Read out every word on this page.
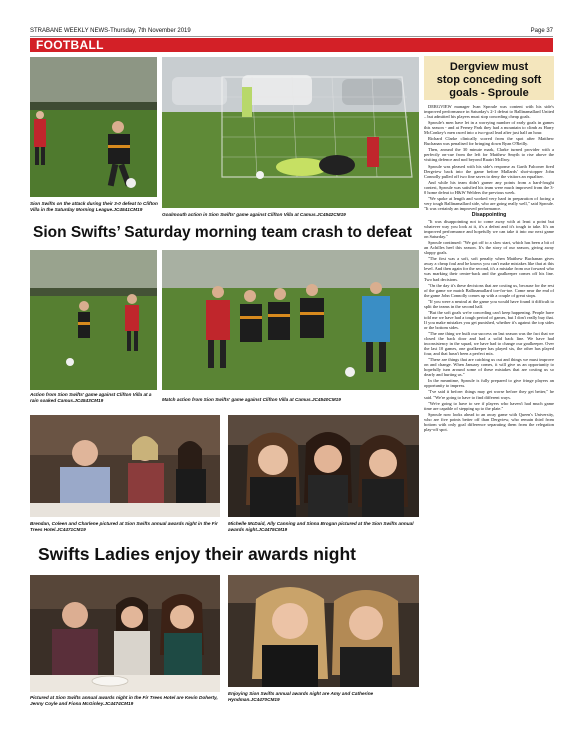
STRABANE WEEKLY NEWS-Thursday, 7th November 2019	Page 37
FOOTBALL
Sion Swifts on the attack during their 3-0 defeat to Clifton Villa in the Saturday Morning League.JC4541CM19
Goalmouth action in Sion Swifts' game against Clifton Villa at Camus.JC4542CM19
Sion Swifts’ Saturday morning team crash to defeat
Action from Sion Swifts' game against Clifton Villa at a rain soaked Camus.JC4543CM19	Match action from Sion Swifts' game against Clifton Villa at Camus.JC4540CM19
Brendan, Coleen and Charlene pictured at Sion Swifts annual awards night in the Fir Trees Hotel.JC4471CM19
Michelle McDaid, Ally Canning and Sinna Brogan pictured at the Sion Swifts annual awards night.JC4475CM19
Swifts Ladies enjoy their awards night
Pictured at Sion Swifts annual awards night in the Fir Trees Hotel are Kevin Doherty, Jenny Coyle and Fiona McGinley.JC4474CM19
Enjoying Sion Swifts annual awards night are Amy and Catherine Hyndman.JC4470CM19
Dergview must
stop conceding soft
goals - Sproule

DERGVIEW manager Ivan Sproule was content with his side's improved performance in Saturday's 2-1 defeat to Ballinamallard United – but admitted his players must stop conceding cheap goals.

Sproule's men have let in a worrying number of early goals in games this season - and at Ferney Park they had a mountain to climb as Harry McConkey's men raced into a two-goal lead after just half an hour.

Richard Clarke clinically scored from the spot after Matthew Buchanan was penalised for bringing down Ryan O'Reilly.

Then, around the 30 minute mark, Clarke turned provider with a perfectly on-cue from the left for Matthew Smyth to rise above the visiting defence and nod beyond Ruairi McIlroy.

Sproule was pleased with his side's response as Garth Falconer fired Dergview back into the game before Mallards' shot-stopper John Connolly pulled off two fine saves to deny the visitors an equaliser.

And while his team didn't garner any points from a hard-fought contest, Sproule was satisfied his team were much improved from the 3-0 home defeat to H&W Welders the previous week.

"We spoke at length and worked very hard in preparation of facing a very tough Ballinamallard side, who are going really well," said Sproule. "It was certainly an improved performance.

Disappointing

"It was disappointing not to come away with at least a point but whatever way you look at it, it's a defeat and it's tough to take. It's an improved performance and hopefully we can take it into our next game on Saturday."

Sproule continued: "We got off to a slow start, which has been a bit of an Achilles heel this season. It's the story of our season, giving away sloppy goals.

"The first was a soft, soft penalty when Matthew Buchanan gives away a cheap foul and he knows you can't make mistakes like that at this level. And then again for the second, it's a mistake from our forward who was marking their centre-back and the goalkeeper comes off his line. Two bad decisions.

"On the day it's these decisions that are costing us, because for the rest of the game we match Ballinamallard toe-for-toe. Come near the end of the game John Connolly comes up with a couple of great stops.

"If you were a neutral at the game you would have found it difficult to split the teams in the second half.

"But the soft goals we're conceding can't keep happening. People have told me we have had a tough period of games, but I don't really buy that. If you make mistakes you get punished, whether it's against the top sides or the bottom sides.

"The one thing we built our success on last season was the fact that we closed the back door and had a solid back line. We have had inconsistency in the squad, we have had to change our goalkeeper. Over the last 10 games, one goalkeeper has played six, the other has played four, and that hasn't been a perfect mix.

"These are things that are catching us out and things we must improve on and change. When January comes, it will give us an opportunity to hopefully turn around some of these mistakes that are costing us so dearly and hurting us."

In the meantime, Sproule is fully prepared to give fringe players an opportunity to impress.

"I've said it before: things may get worse before they get better," he said. "We're going to have to find different ways.

"We're going to have to see if players who haven't had much game time are capable of stepping up to the plate."

Sproule now looks ahead to an away game with Queen's University, who are five points better off than Dergview, who remain third from bottom with only goal difference separating them from the relegation play-off spot.
